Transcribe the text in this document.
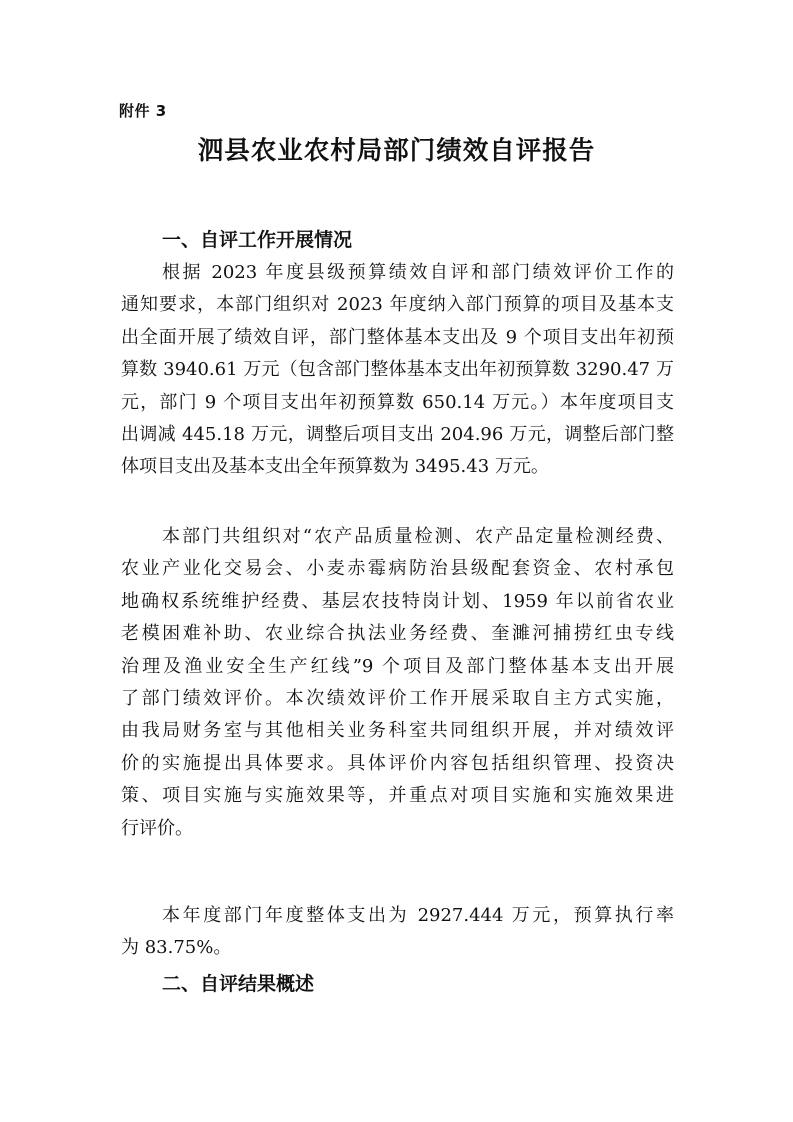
附件 3
泗县农业农村局部门绩效自评报告
一、自评工作开展情况
根据 2023 年度县级预算绩效自评和部门绩效评价工作的
通知要求，本部门组织对 2023 年度纳入部门预算的项目及基本支
出全面开展了绩效自评，部门整体基本支出及 9 个项目支出年初预
算数 3940.61 万元（包含部门整体基本支出年初预算数 3290.47 万
元，部门 9 个项目支出年初预算数 650.14 万元。）本年度项目支
出调减 445.18 万元，调整后项目支出 204.96 万元，调整后部门整
体项目支出及基本支出全年预算数为 3495.43 万元。
本部门共组织对“农产品质量检测、农产品定量检测经费、
农业产业化交易会、小麦赤霉病防治县级配套资金、农村承包
地确权系统维护经费、基层农技特岗计划、1959 年以前省农业
老模困难补助、农业综合执法业务经费、奎濉河捕捞红虫专线
治理及渔业安全生产红线”9 个项目及部门整体基本支出开展
了部门绩效评价。本次绩效评价工作开展采取自主方式实施，
由我局财务室与其他相关业务科室共同组织开展，并对绩效评
价的实施提出具体要求。具体评价内容包括组织管理、投资决
策、项目实施与实施效果等，并重点对项目实施和实施效果进
行评价。
本年度部门年度整体支出为 2927.444 万元，预算执行率
为 83.75%。
二、自评结果概述
